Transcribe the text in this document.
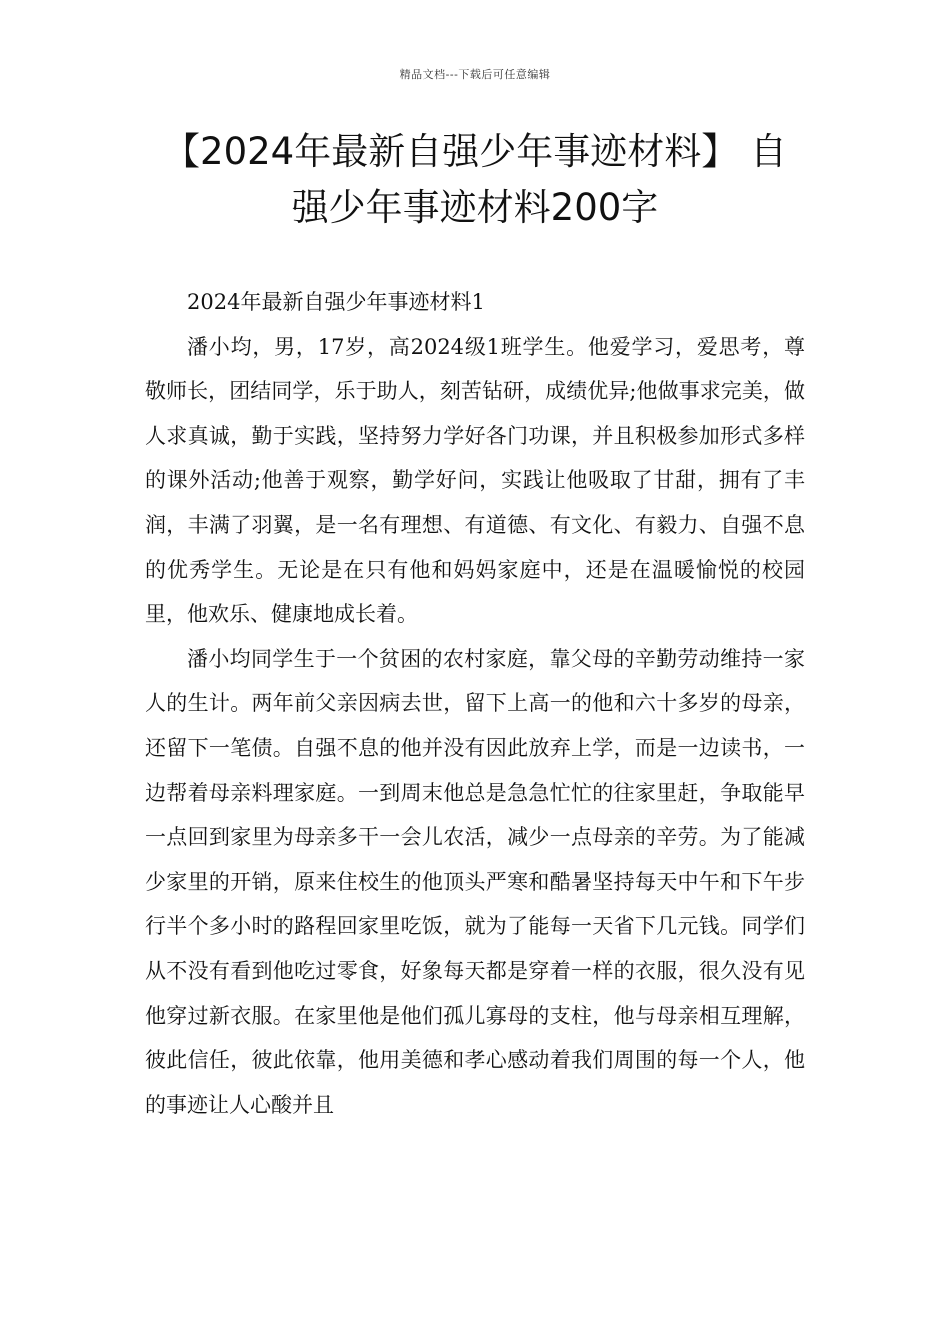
精品文档---下载后可任意编辑
【2024年最新自强少年事迹材料】 自
强少年事迹材料200字

2024年最新自强少年事迹材料1

潘小均，男，17岁，高2024级1班学生。他爱学习，爱思考，尊敬师长，团结同学，乐于助人，刻苦钻研，成绩优异;他做事求完美，做人求真诚，勤于实践，坚持努力学好各门功课，并且积极参加形式多样的课外活动;他善于观察，勤学好问，实践让他吸取了甘甜，拥有了丰润，丰满了羽翼，是一名有理想、有道德、有文化、有毅力、自强不息的优秀学生。无论是在只有他和妈妈家庭中，还是在温暖愉悦的校园里，他欢乐、健康地成长着。

潘小均同学生于一个贫困的农村家庭，靠父母的辛勤劳动维持一家人的生计。两年前父亲因病去世，留下上高一的他和六十多岁的母亲，还留下一笔债。自强不息的他并没有因此放弃上学，而是一边读书，一边帮着母亲料理家庭。一到周末他总是急急忙忙的往家里赶，争取能早一点回到家里为母亲多干一会儿农活，减少一点母亲的辛劳。为了能减少家里的开销，原来住校生的他顶头严寒和酷暑坚持每天中午和下午步行半个多小时的路程回家里吃饭，就为了能每一天省下几元钱。同学们从不没有看到他吃过零食，好象每天都是穿着一样的衣服，很久没有见他穿过新衣服。在家里他是他们孤儿寡母的支柱，他与母亲相互理解，彼此信任，彼此依靠，他用美德和孝心感动着我们周围的每一个人，他的事迹让人心酸并且
